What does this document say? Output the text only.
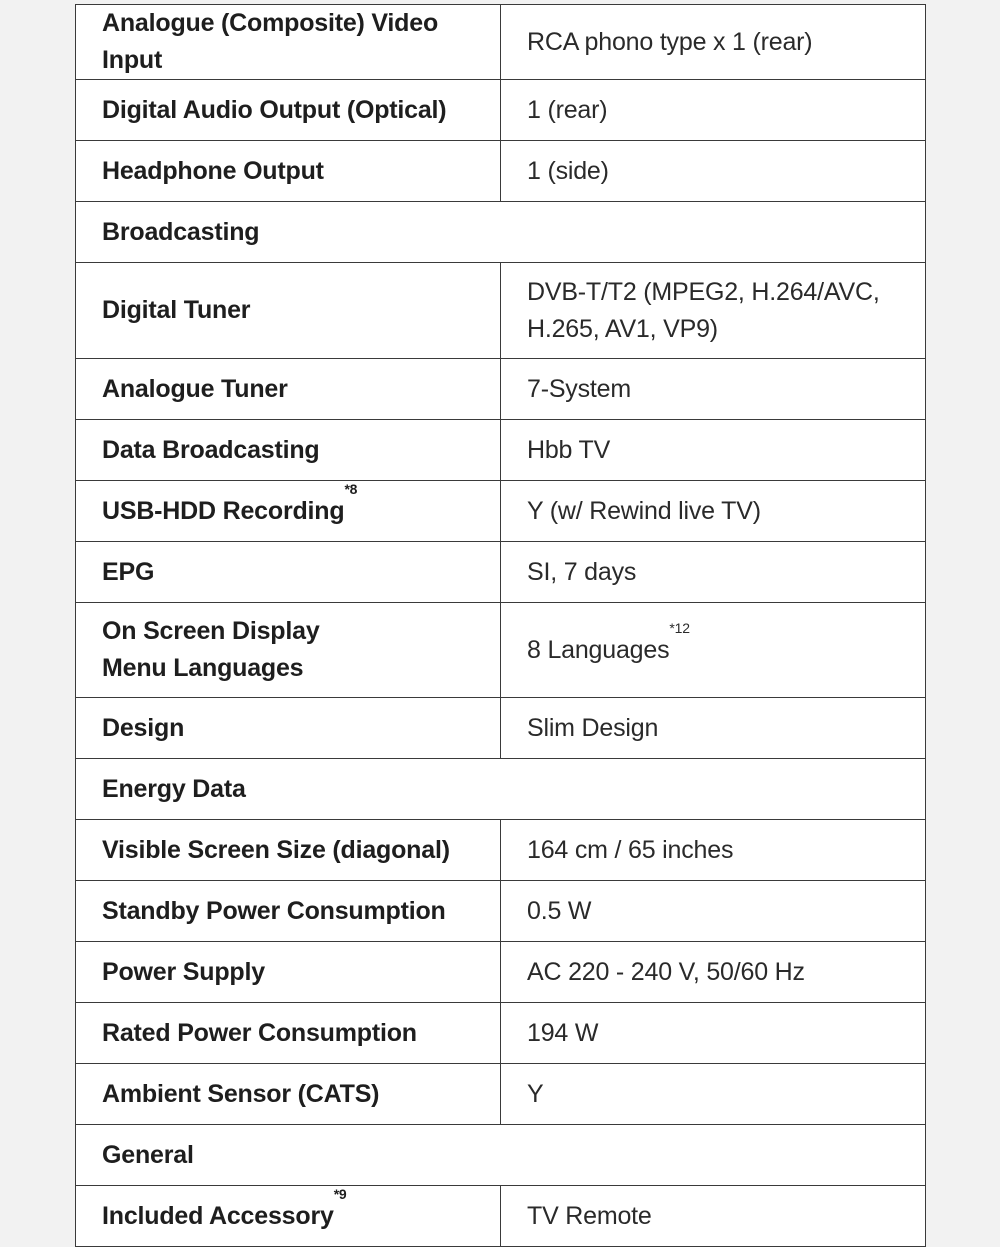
Analogue (Composite) Video Input	RCA phono type x 1 (rear)
Digital Audio Output (Optical)	1 (rear)
Headphone Output	1 (side)
Broadcasting	
Digital Tuner	DVB-T/T2 (MPEG2, H.264/AVC,
H.265, AV1, VP9)

Analogue Tuner	7-System
Data Broadcasting	Hbb TV
USB-HDD Recording$^{*8}$	Y (w/ Rewind live TV)
EPG	SI, 7 days

On Screen Display
Menu Languages	8 Languages$^{*12}$
Design	Slim Design
Energy Data	
Visible Screen Size (diagonal)	164 cm / 65 inches
Standby Power Consumption	0.5 W
Power Supply	AC 220 - 240 V, 50/60 Hz
Rated Power Consumption	194 W
Ambient Sensor (CATS)	Y
General	
Included Accessory$^{*9}$	TV Remote
